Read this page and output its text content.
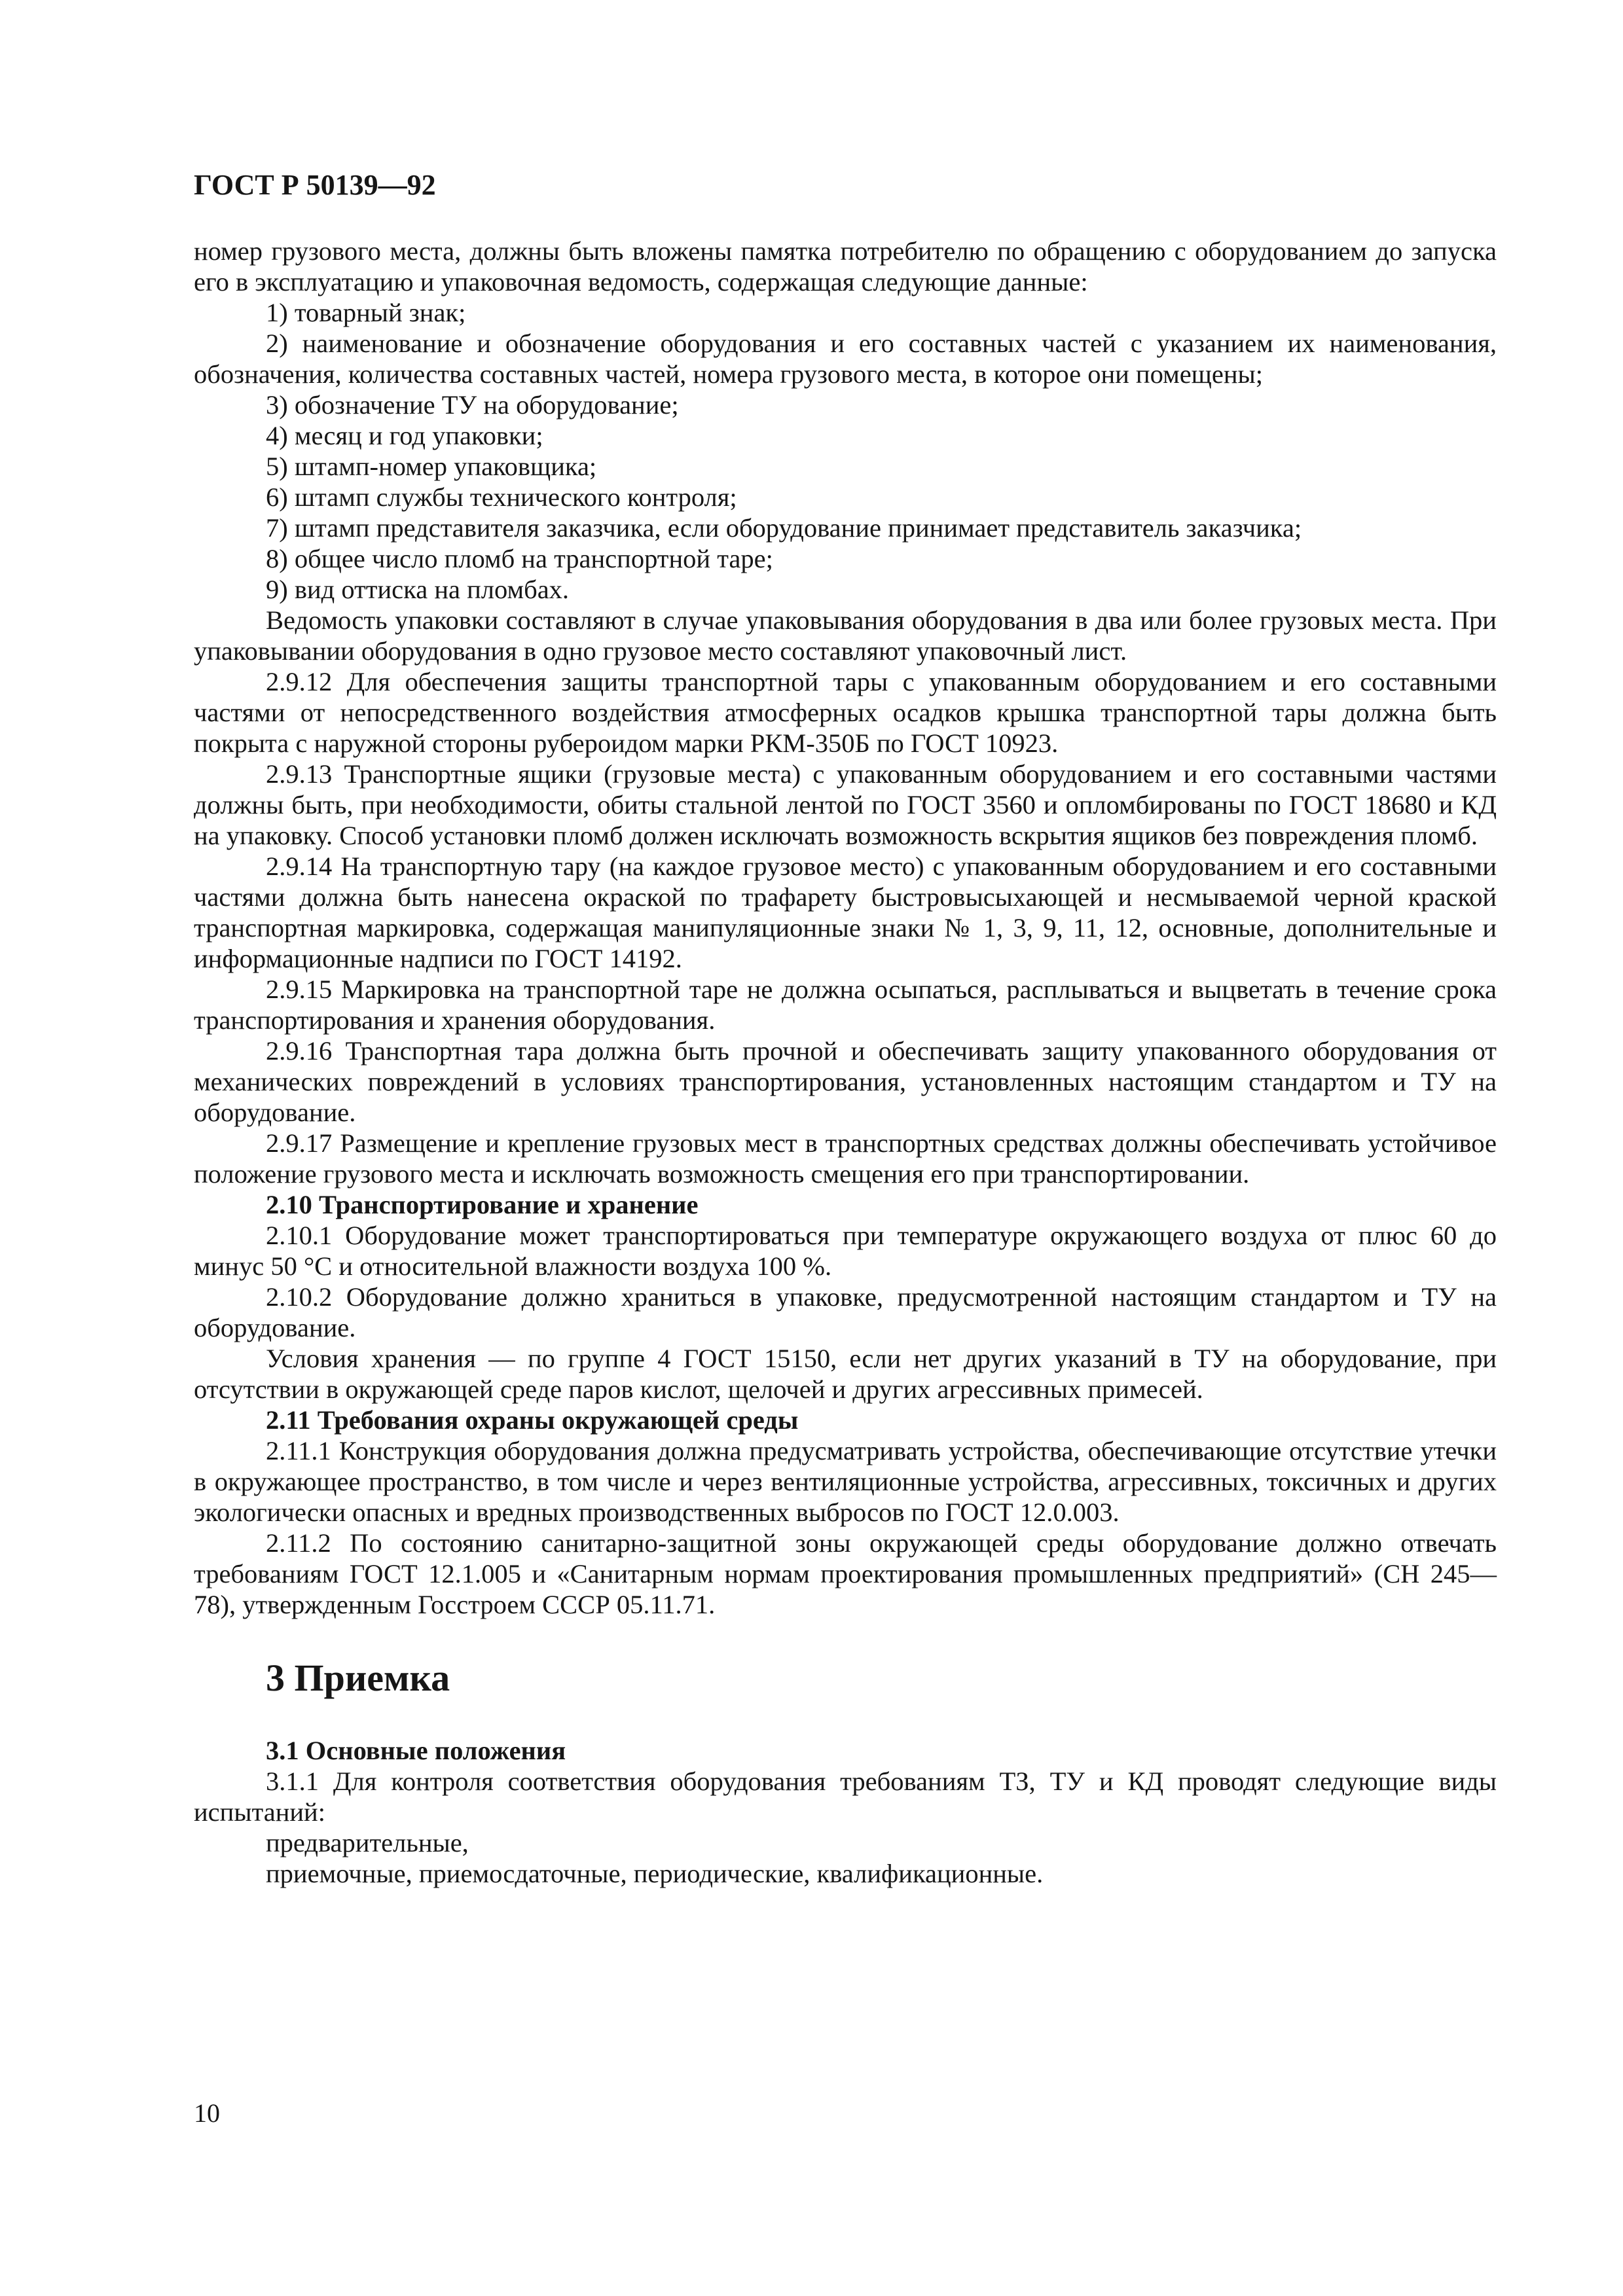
ГОСТ Р 50139—92

номер грузового места, должны быть вложены памятка потребителю по обращению с оборудованием до запуска его в эксплуатацию и упаковочная ведомость, содержащая следующие данные:

1) товарный знак;

2) наименование и обозначение оборудования и его составных частей с указанием их наименования, обозначения, количества составных частей, номера грузового места, в которое они помещены;

3) обозначение ТУ на оборудование;

4) месяц и год упаковки;

5) штамп-номер упаковщика;

6) штамп службы технического контроля;

7) штамп представителя заказчика, если оборудование принимает представитель заказчика;

8) общее число пломб на транспортной таре;

9) вид оттиска на пломбах.

Ведомость упаковки составляют в случае упаковывания оборудования в два или более грузовых места. При упаковывании оборудования в одно грузовое место составляют упаковочный лист.

2.9.12 Для обеспечения защиты транспортной тары с упакованным оборудованием и его составными частями от непосредственного воздействия атмосферных осадков крышка транспортной тары должна быть покрыта с наружной стороны рубероидом марки РКМ-350Б по ГОСТ 10923.

2.9.13 Транспортные ящики (грузовые места) с упакованным оборудованием и его составными частями должны быть, при необходимости, обиты стальной лентой по ГОСТ 3560 и опломбированы по ГОСТ 18680 и КД на упаковку. Способ установки пломб должен исключать возможность вскрытия ящиков без повреждения пломб.

2.9.14 На транспортную тару (на каждое грузовое место) с упакованным оборудованием и его составными частями должна быть нанесена окраской по трафарету быстровысыхающей и несмываемой черной краской транспортная маркировка, содержащая манипуляционные знаки № 1, 3, 9, 11, 12, основные, дополнительные и информационные надписи по ГОСТ 14192.

2.9.15 Маркировка на транспортной таре не должна осыпаться, расплываться и выцветать в течение срока транспортирования и хранения оборудования.

2.9.16 Транспортная тара должна быть прочной и обеспечивать защиту упакованного оборудования от механических повреждений в условиях транспортирования, установленных настоящим стандартом и ТУ на оборудование.

2.9.17 Размещение и крепление грузовых мест в транспортных средствах должны обеспечивать устойчивое положение грузового места и исключать возможность смещения его при транспортировании.

2.10 Транспортирование и хранение

2.10.1 Оборудование может транспортироваться при температуре окружающего воздуха от плюс 60 до минус 50 °С и относительной влажности воздуха 100 %.

2.10.2 Оборудование должно храниться в упаковке, предусмотренной настоящим стандартом и ТУ на оборудование.

Условия хранения — по группе 4 ГОСТ 15150, если нет других указаний в ТУ на оборудование, при отсутствии в окружающей среде паров кислот, щелочей и других агрессивных примесей.

2.11 Требования охраны окружающей среды

2.11.1 Конструкция оборудования должна предусматривать устройства, обеспечивающие отсутствие утечки в окружающее пространство, в том числе и через вентиляционные устройства, агрессивных, токсичных и других экологически опасных и вредных производственных выбросов по ГОСТ 12.0.003.

2.11.2 По состоянию санитарно-защитной зоны окружающей среды оборудование должно отвечать требованиям ГОСТ 12.1.005 и «Санитарным нормам проектирования промышленных предприятий» (СН 245—78), утвержденным Госстроем СССР 05.11.71.

3 Приемка

3.1 Основные положения

3.1.1 Для контроля соответствия оборудования требованиям ТЗ, ТУ и КД проводят следующие виды испытаний:

предварительные,

приемочные, приемосдаточные, периодические, квалификационные.

10
